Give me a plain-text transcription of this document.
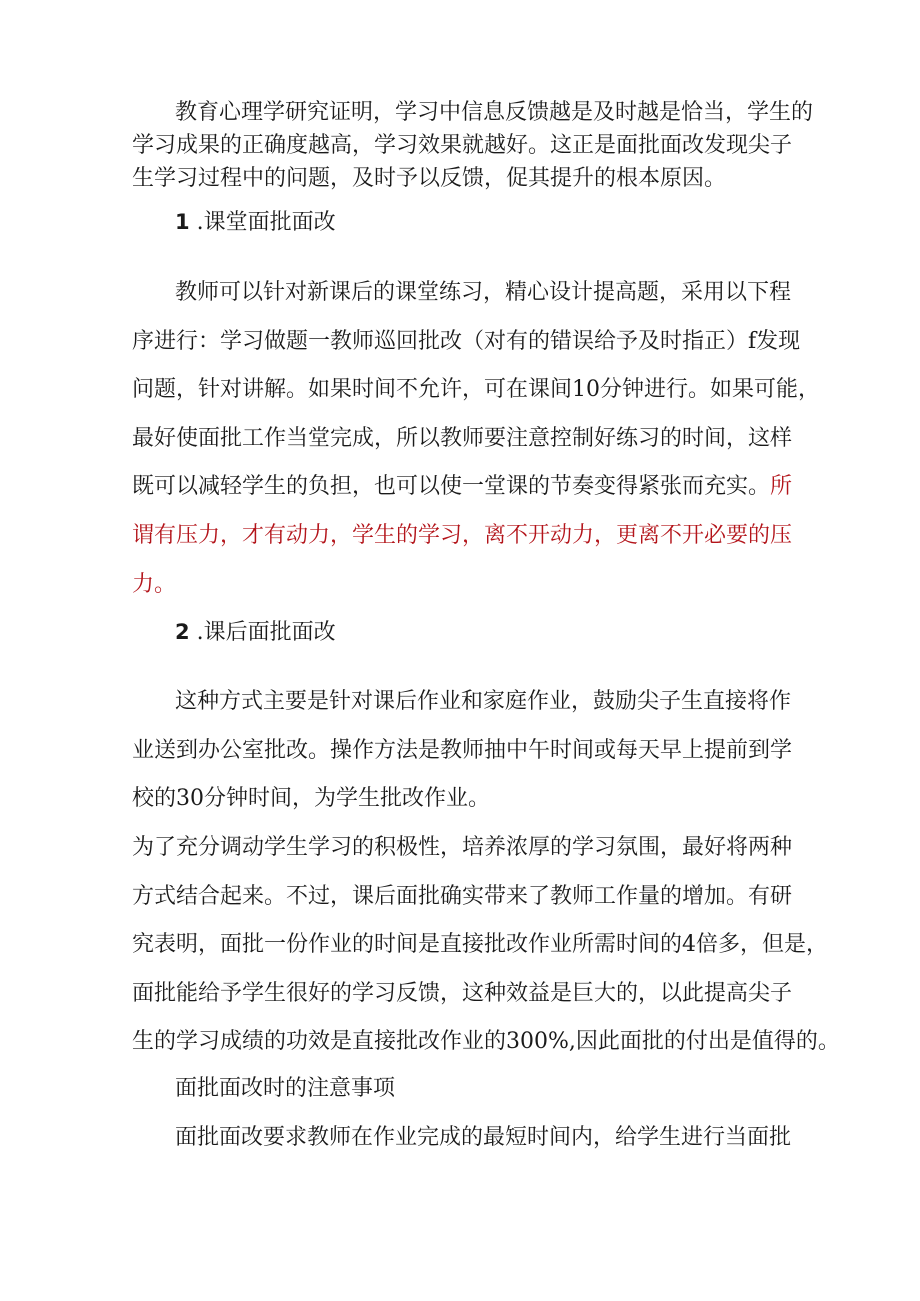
教育心理学研究证明，学习中信息反馈越是及时越是恰当，学生的
学习成果的正确度越高，学习效果就越好。这正是面批面改发现尖子
生学习过程中的问题，及时予以反馈，促其提升的根本原因。
1 .课堂面批面改
教师可以针对新课后的课堂练习，精心设计提高题，采用以下程
序进行：学习做题一教师巡回批改（对有的错误给予及时指正）f发现
问题，针对讲解。如果时间不允许，可在课间10分钟进行。如果可能，
最好使面批工作当堂完成，所以教师要注意控制好练习的时间，这样
既可以减轻学生的负担，也可以使一堂课的节奏变得紧张而充实。所
谓有压力，才有动力，学生的学习，离不开动力，更离不开必要的压
力。
2 .课后面批面改
这种方式主要是针对课后作业和家庭作业，鼓励尖子生直接将作
业送到办公室批改。操作方法是教师抽中午时间或每天早上提前到学
校的30分钟时间，为学生批改作业。
为了充分调动学生学习的积极性，培养浓厚的学习氛围，最好将两种
方式结合起来。不过，课后面批确实带来了教师工作量的增加。有研
究表明，面批一份作业的时间是直接批改作业所需时间的4倍多，但是，
面批能给予学生很好的学习反馈，这种效益是巨大的，以此提高尖子
生的学习成绩的功效是直接批改作业的300%,因此面批的付出是值得的。
面批面改时的注意事项
面批面改要求教师在作业完成的最短时间内，给学生进行当面批
